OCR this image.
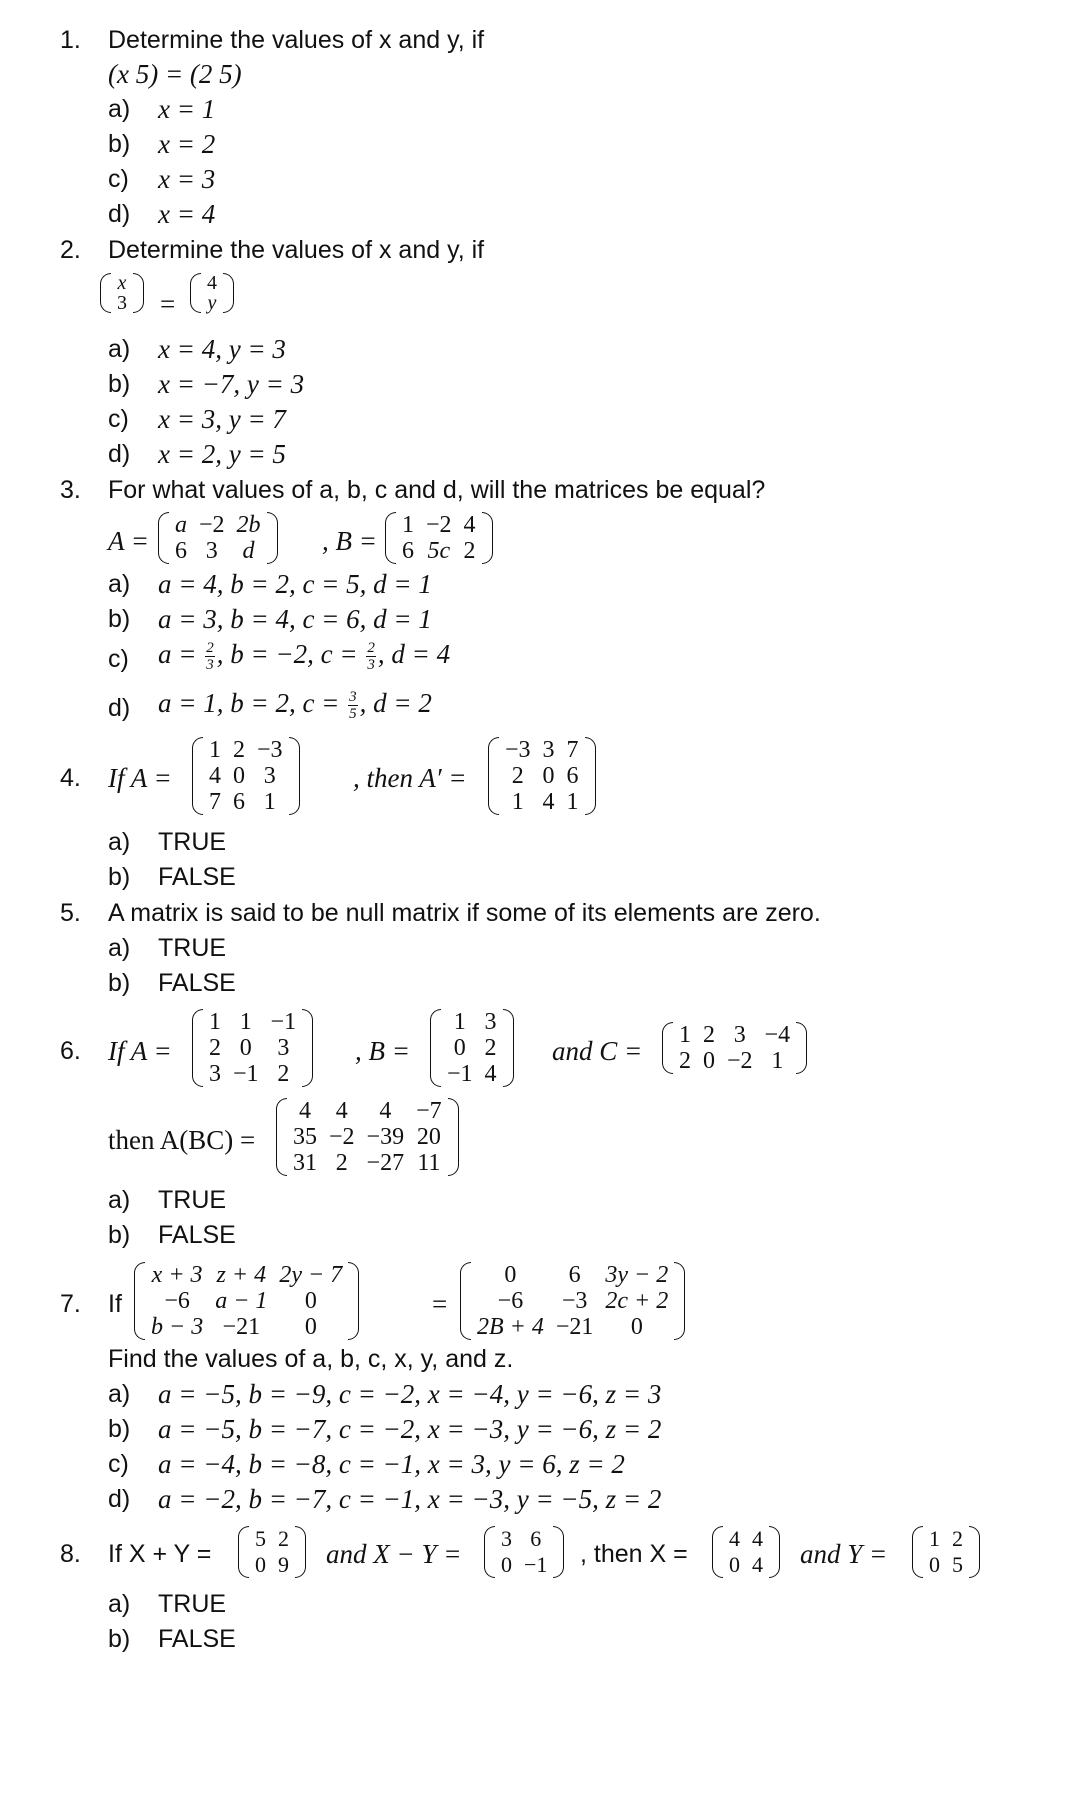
1. Determine the values of x and y, if
(x 5) = (2 5)
a) x = 1
b) x = 2
c) x = 3
d) x = 4
2. Determine the values of x and y, if
x
3 =
4
y
a) x = 4, y = 3
b) x = −7, y = 3
c) x = 3, y = 7
d) x = 2, y = 5
3. For what values of a, b, c and d, will the matrices be equal?
A =
a	−2	2b
6	3	d , B =
1	−2	4
6	5c	2
a) a = 4, b = 2, c = 5, d = 1
b) a = 3, b = 4, c = 6, d = 1
c) $a = \frac{2}{3}$ , b = −2, $c = \frac{2}{3}$ , d = 4
d) a = 1, b = 2, $c = \frac{3}{5}$ , d = 2
4. If A =
1	2	−3
4	0	3
7	6	1
, then A′ =
−3	3	7
2	0	6
1	4	1
a) TRUE
b) FALSE
5. A matrix is said to be null matrix if some of its elements are zero.
a) TRUE
b) FALSE
6. If A =
1	1	−1
2	0	3
3	−1	2
, B =
1	3
0	2
−1	4
and C =
1	2	3	−4
2	0	−2	1
then A(BC) =
4	4	4	−7
35	−2	−39	20
31	2	−27	11
a) TRUE
b) FALSE
7. If
x + 3	z + 4	2y − 7
−6	a − 1	0
b − 3	−21	0
=
0	6	3y − 2
−6	−3	2c + 2
2B + 4	−21	0
Find the values of a, b, c, x, y, and z.
a) a = −5, b = −9, c = −2, x = −4, y = −6, z = 3
b) a = −5, b = −7, c = −2, x = −3, y = −6, z = 2
c) a = −4, b = −8, c = −1, x = 3, y = 6, z = 2
d) a = −2, b = −7, c = −1, x = −3, y = −5, z = 2
8. If X + Y =
5	2
0	9 and X − Y =
3	6
0	−1 , then X =
4	4
0	4 and Y =
1	2
0	5
a) TRUE
b) FALSE
